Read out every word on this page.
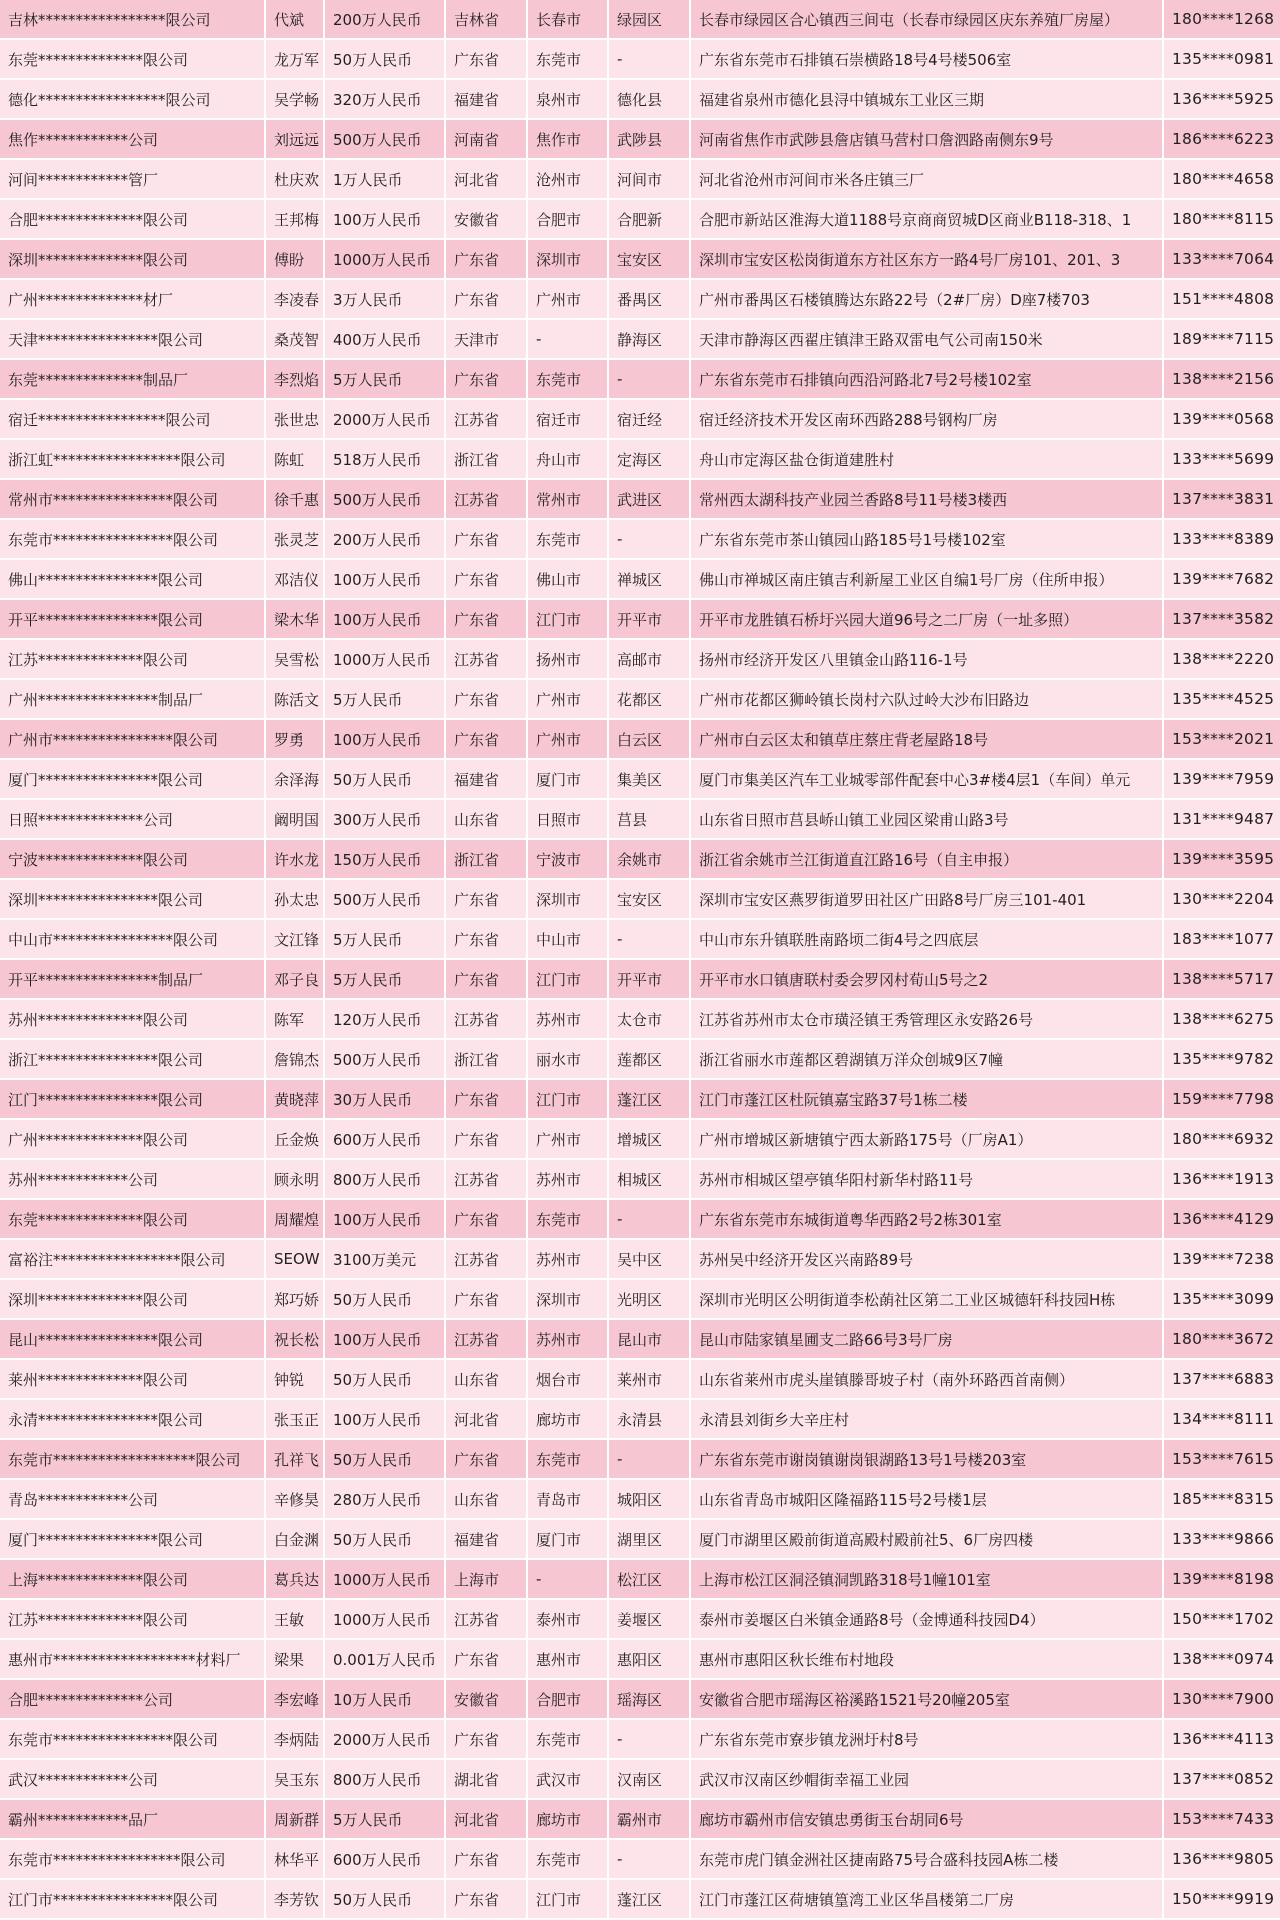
吉林*****************限公司	代斌	200万人民币	吉林省	长春市	绿园区	长春市绿园区合心镇西三间屯（长春市绿园区庆东养殖厂房屋）	180****1268
东莞**************限公司	龙万军	50万人民币	广东省	东莞市	-	广东省东莞市石排镇石崇横路18号4号楼506室	135****0981
德化*****************限公司	吴学畅	320万人民币	福建省	泉州市	德化县	福建省泉州市德化县浔中镇城东工业区三期	136****5925
焦作************公司	刘远远	500万人民币	河南省	焦作市	武陟县	河南省焦作市武陟县詹店镇马营村口詹泗路南侧东9号	186****6223
河间************管厂	杜庆欢	1万人民币	河北省	沧州市	河间市	河北省沧州市河间市米各庄镇三厂	180****4658
合肥**************限公司	王邦梅	100万人民币	安徽省	合肥市	合肥新	合肥市新站区淮海大道1188号京商商贸城D区商业B118-318、1	180****8115
深圳**************限公司	傅盼	1000万人民币	广东省	深圳市	宝安区	深圳市宝安区松岗街道东方社区东方一路4号厂房101、201、3	133****7064
广州**************材厂	李凌春	3万人民币	广东省	广州市	番禺区	广州市番禺区石楼镇腾达东路22号（2#厂房）D座7楼703	151****4808
天津****************限公司	桑茂智	400万人民币	天津市	-	静海区	天津市静海区西翟庄镇津王路双雷电气公司南150米	189****7115
东莞**************制品厂	李烈焰	5万人民币	广东省	东莞市	-	广东省东莞市石排镇向西沿河路北7号2号楼102室	138****2156
宿迁*****************限公司	张世忠	2000万人民币	江苏省	宿迁市	宿迁经	宿迁经济技术开发区南环西路288号钢构厂房	139****0568
浙江虹*****************限公司	陈虹	518万人民币	浙江省	舟山市	定海区	舟山市定海区盐仓街道建胜村	133****5699
常州市****************限公司	徐千惠	500万人民币	江苏省	常州市	武进区	常州西太湖科技产业园兰香路8号11号楼3楼西	137****3831
东莞市****************限公司	张灵芝	200万人民币	广东省	东莞市	-	广东省东莞市茶山镇园山路185号1号楼102室	133****8389
佛山****************限公司	邓洁仪	100万人民币	广东省	佛山市	禅城区	佛山市禅城区南庄镇吉利新屋工业区自编1号厂房（住所申报）	139****7682
开平****************限公司	梁木华	100万人民币	广东省	江门市	开平市	开平市龙胜镇石桥圩兴园大道96号之二厂房（一址多照）	137****3582
江苏**************限公司	吴雪松	1000万人民币	江苏省	扬州市	高邮市	扬州市经济开发区八里镇金山路116-1号	138****2220
广州****************制品厂	陈活文	5万人民币	广东省	广州市	花都区	广州市花都区狮岭镇长岗村六队过岭大沙布旧路边	135****4525
广州市****************限公司	罗勇	100万人民币	广东省	广州市	白云区	广州市白云区太和镇草庄蔡庄背老屋路18号	153****2021
厦门****************限公司	余泽海	50万人民币	福建省	厦门市	集美区	厦门市集美区汽车工业城零部件配套中心3#楼4层1（车间）单元	139****7959
日照**************公司	阚明国	300万人民币	山东省	日照市	莒县	山东省日照市莒县峤山镇工业园区梁甫山路3号	131****9487
宁波**************限公司	许水龙	150万人民币	浙江省	宁波市	余姚市	浙江省余姚市兰江街道直江路16号（自主申报）	139****3595
深圳****************限公司	孙太忠	500万人民币	广东省	深圳市	宝安区	深圳市宝安区燕罗街道罗田社区广田路8号厂房三101-401	130****2204
中山市****************限公司	文江锋	5万人民币	广东省	中山市	-	中山市东升镇联胜南路顷二街4号之四底层	183****1077
开平****************制品厂	邓子良	5万人民币	广东省	江门市	开平市	开平市水口镇唐联村委会罗冈村荀山5号之2	138****5717
苏州**************限公司	陈军	120万人民币	江苏省	苏州市	太仓市	江苏省苏州市太仓市璜泾镇王秀管理区永安路26号	138****6275
浙江****************限公司	詹锦杰	500万人民币	浙江省	丽水市	莲都区	浙江省丽水市莲都区碧湖镇万洋众创城9区7幢	135****9782
江门****************限公司	黄晓萍	30万人民币	广东省	江门市	蓬江区	江门市蓬江区杜阮镇嘉宝路37号1栋二楼	159****7798
广州**************限公司	丘金焕	600万人民币	广东省	广州市	增城区	广州市增城区新塘镇宁西太新路175号（厂房A1）	180****6932
苏州************公司	顾永明	800万人民币	江苏省	苏州市	相城区	苏州市相城区望亭镇华阳村新华村路11号	136****1913
东莞**************限公司	周耀煌	100万人民币	广东省	东莞市	-	广东省东莞市东城街道粤华西路2号2栋301室	136****4129
富裕注*****************限公司	SEOW	3100万美元	江苏省	苏州市	吴中区	苏州吴中经济开发区兴南路89号	139****7238
深圳**************限公司	郑巧娇	50万人民币	广东省	深圳市	光明区	深圳市光明区公明街道李松蓢社区第二工业区城德轩科技园H栋	135****3099
昆山****************限公司	祝长松	100万人民币	江苏省	苏州市	昆山市	昆山市陆家镇星圃支二路66号3号厂房	180****3672
莱州**************限公司	钟锐	50万人民币	山东省	烟台市	莱州市	山东省莱州市虎头崖镇滕哥坡子村（南外环路西首南侧）	137****6883
永清****************限公司	张玉正	100万人民币	河北省	廊坊市	永清县	永清县刘街乡大辛庄村	134****8111
东莞市*******************限公司	孔祥飞	50万人民币	广东省	东莞市	-	广东省东莞市谢岗镇谢岗银湖路13号1号楼203室	153****7615
青岛************公司	辛修昊	280万人民币	山东省	青岛市	城阳区	山东省青岛市城阳区隆福路115号2号楼1层	185****8315
厦门****************限公司	白金渊	50万人民币	福建省	厦门市	湖里区	厦门市湖里区殿前街道高殿村殿前社5、6厂房四楼	133****9866
上海**************限公司	葛兵达	1000万人民币	上海市	-	松江区	上海市松江区洞泾镇洞凯路318号1幢101室	139****8198
江苏**************限公司	王敏	1000万人民币	江苏省	泰州市	姜堰区	泰州市姜堰区白米镇金通路8号（金博通科技园D4）	150****1702
惠州市*******************材料厂	梁果	0.001万人民币	广东省	惠州市	惠阳区	惠州市惠阳区秋长维布村地段	138****0974
合肥**************公司	李宏峰	10万人民币	安徽省	合肥市	瑶海区	安徽省合肥市瑶海区裕溪路1521号20幢205室	130****7900
东莞市****************限公司	李炳陆	2000万人民币	广东省	东莞市	-	广东省东莞市寮步镇龙洲圩村8号	136****4113
武汉************公司	吴玉东	800万人民币	湖北省	武汉市	汉南区	武汉市汉南区纱帽街幸福工业园	137****0852
霸州************品厂	周新群	5万人民币	河北省	廊坊市	霸州市	廊坊市霸州市信安镇忠勇街玉台胡同6号	153****7433
东莞市*****************限公司	林华平	600万人民币	广东省	东莞市	-	东莞市虎门镇金洲社区捷南路75号合盛科技园A栋二楼	136****9805
江门市****************限公司	李芳钦	50万人民币	广东省	江门市	蓬江区	江门市蓬江区荷塘镇篁湾工业区华昌楼第二厂房	150****9919
